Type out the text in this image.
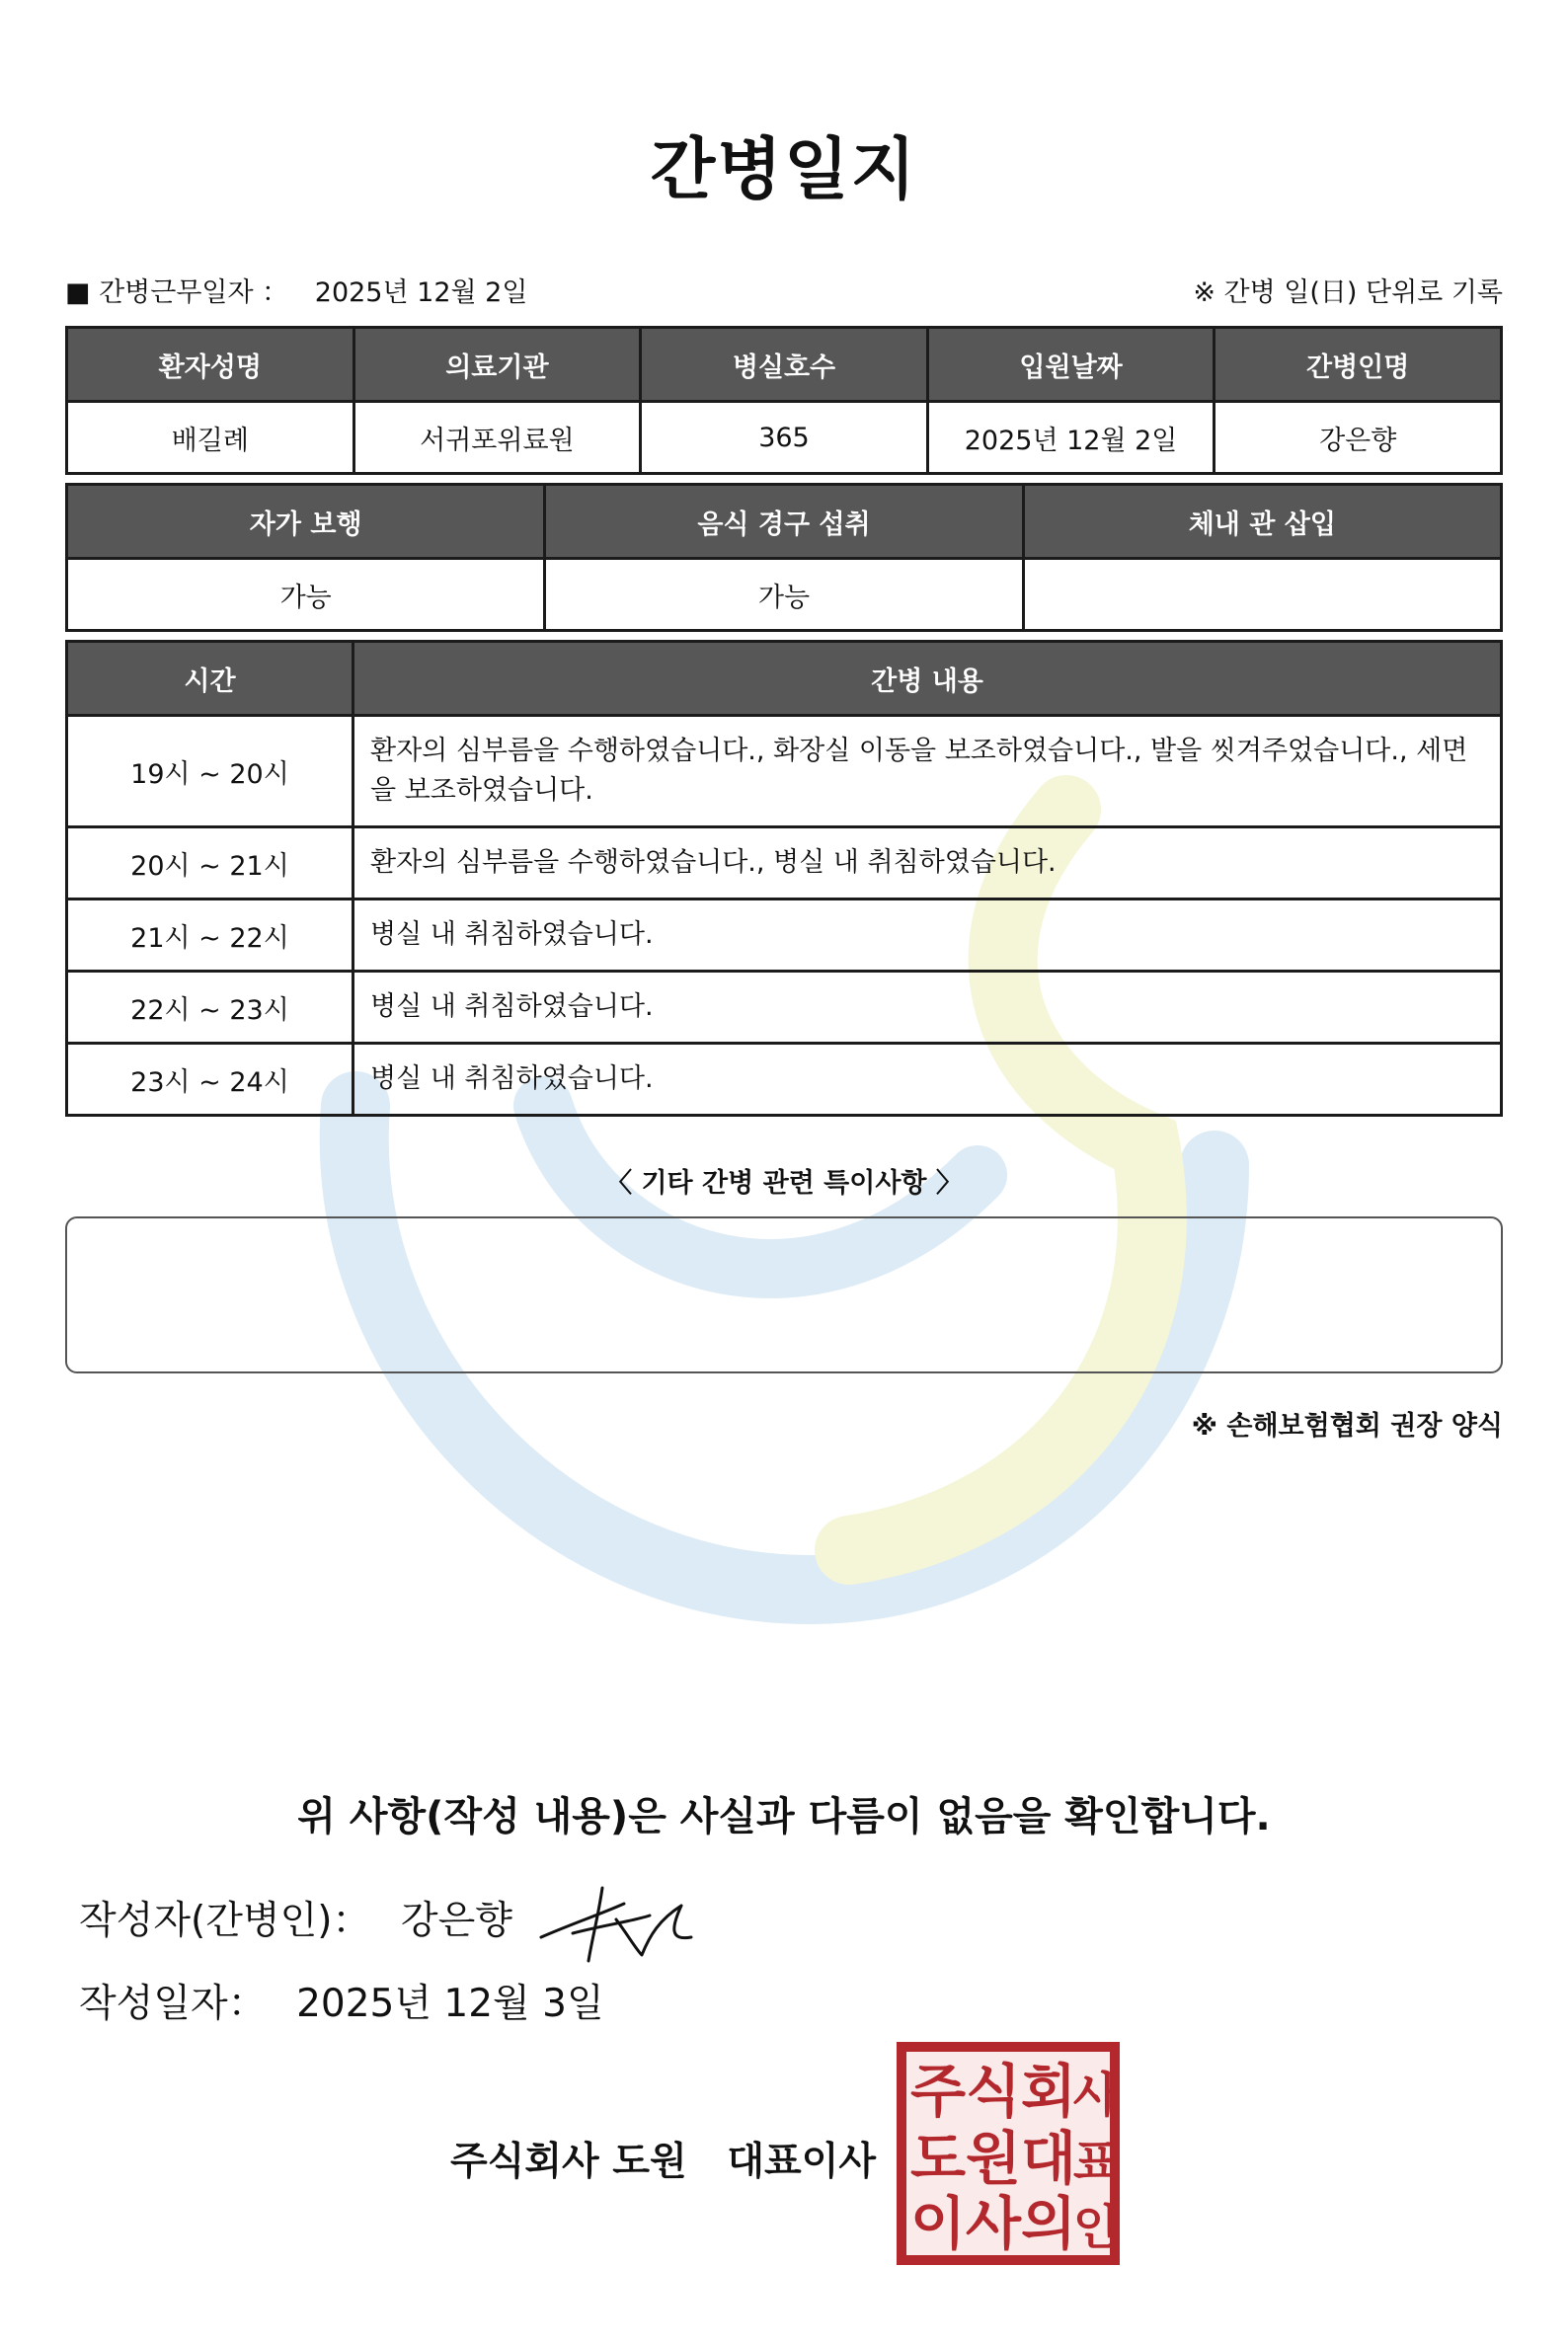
간병일지
■ 간병근무일자 ： 2025년 12월 2일	※ 간병 일(日) 단위로 기록
환자성명	의료기관	병실호수	입원날짜	간병인명
배길례	서귀포위료원	365	2025년 12월 2일	강은향
자가 보행	음식 경구 섭취	체내 관 삽입
가능	가능	
시간	간병 내용
19시 ~ 20시	환자의 심부름을 수행하였습니다., 화장실 이동을 보조하였습니다., 발을 씻겨주었습니다., 세면을 보조하였습니다.
20시 ~ 21시	환자의 심부름을 수행하였습니다., 병실 내 취침하였습니다.
21시 ~ 22시	병실 내 취침하였습니다.
22시 ~ 23시	병실 내 취침하였습니다.
23시 ~ 24시	병실 내 취침하였습니다.
〈 기타 간병 관련 특이사항 〉
※ 손해보험협회 권장 양식
위 사항(작성 내용)은 사실과 다름이 없음을 확인합니다.
작성자(간병인)： 강은향
작성일자： 2025년 12월 3일
주식회사 도원   대표이사
주 식 회
사
도 원 대
표
이 사 의
인
